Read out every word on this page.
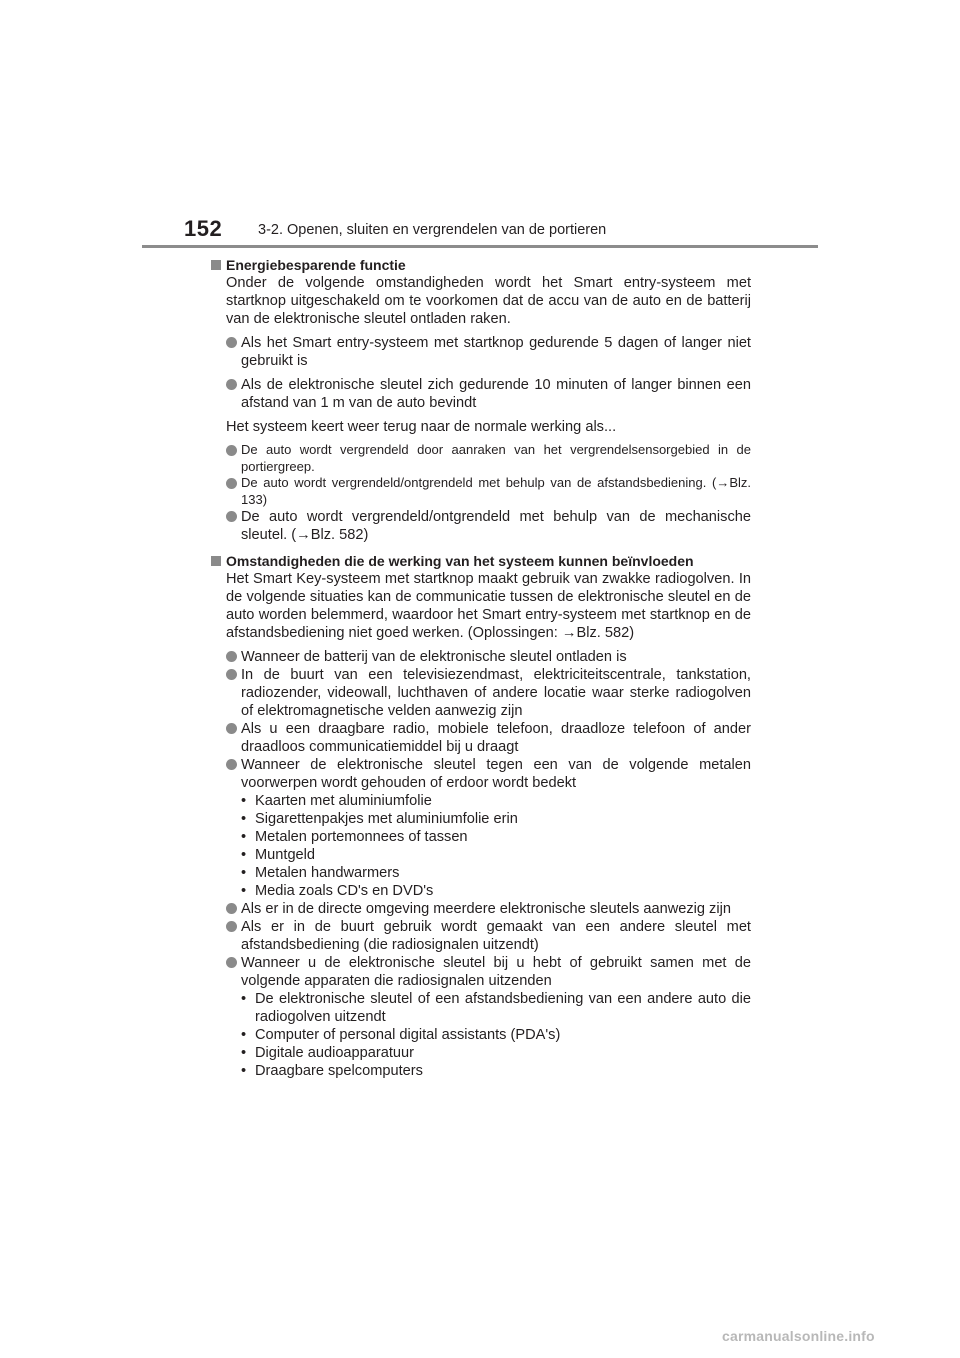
152 3-2. Openen, sluiten en vergrendelen van de portieren
Energiebesparende functie
Onder de volgende omstandigheden wordt het Smart entry-systeem met startknop uitgeschakeld om te voorkomen dat de accu van de auto en de batterij van de elektronische sleutel ontladen raken.
Als het Smart entry-systeem met startknop gedurende 5 dagen of langer niet gebruikt is
Als de elektronische sleutel zich gedurende 10 minuten of langer binnen een afstand van 1 m van de auto bevindt
Het systeem keert weer terug naar de normale werking als...
De auto wordt vergrendeld door aanraken van het vergrendelsensorgebied in de portiergreep.
De auto wordt vergrendeld/ontgrendeld met behulp van de afstandsbediening. (→Blz. 133)
De auto wordt vergrendeld/ontgrendeld met behulp van de mechanische sleutel. (→Blz. 582)
Omstandigheden die de werking van het systeem kunnen beïnvloeden
Het Smart Key-systeem met startknop maakt gebruik van zwakke radiogolven. In de volgende situaties kan de communicatie tussen de elektronische sleutel en de auto worden belemmerd, waardoor het Smart entry-systeem met startknop en de afstandsbediening niet goed werken. (Oplossingen: →Blz. 582)
Wanneer de batterij van de elektronische sleutel ontladen is
In de buurt van een televisiezendmast, elektriciteitscentrale, tankstation, radiozender, videowall, luchthaven of andere locatie waar sterke radiogolven of elektromagnetische velden aanwezig zijn
Als u een draagbare radio, mobiele telefoon, draadloze telefoon of ander draadloos communicatiemiddel bij u draagt
Wanneer de elektronische sleutel tegen een van de volgende metalen voorwerpen wordt gehouden of erdoor wordt bedekt
• Kaarten met aluminiumfolie
• Sigarettenpakjes met aluminiumfolie erin
• Metalen portemonnees of tassen
• Muntgeld
• Metalen handwarmers
• Media zoals CD's en DVD's
Als er in de directe omgeving meerdere elektronische sleutels aanwezig zijn
Als er in de buurt gebruik wordt gemaakt van een andere sleutel met afstandsbediening (die radiosignalen uitzendt)
Wanneer u de elektronische sleutel bij u hebt of gebruikt samen met de volgende apparaten die radiosignalen uitzenden
• De elektronische sleutel of een afstandsbediening van een andere auto die radiogolven uitzendt
• Computer of personal digital assistants (PDA's)
• Digitale audioapparatuur
• Draagbare spelcomputers
carmanualsonline.info
